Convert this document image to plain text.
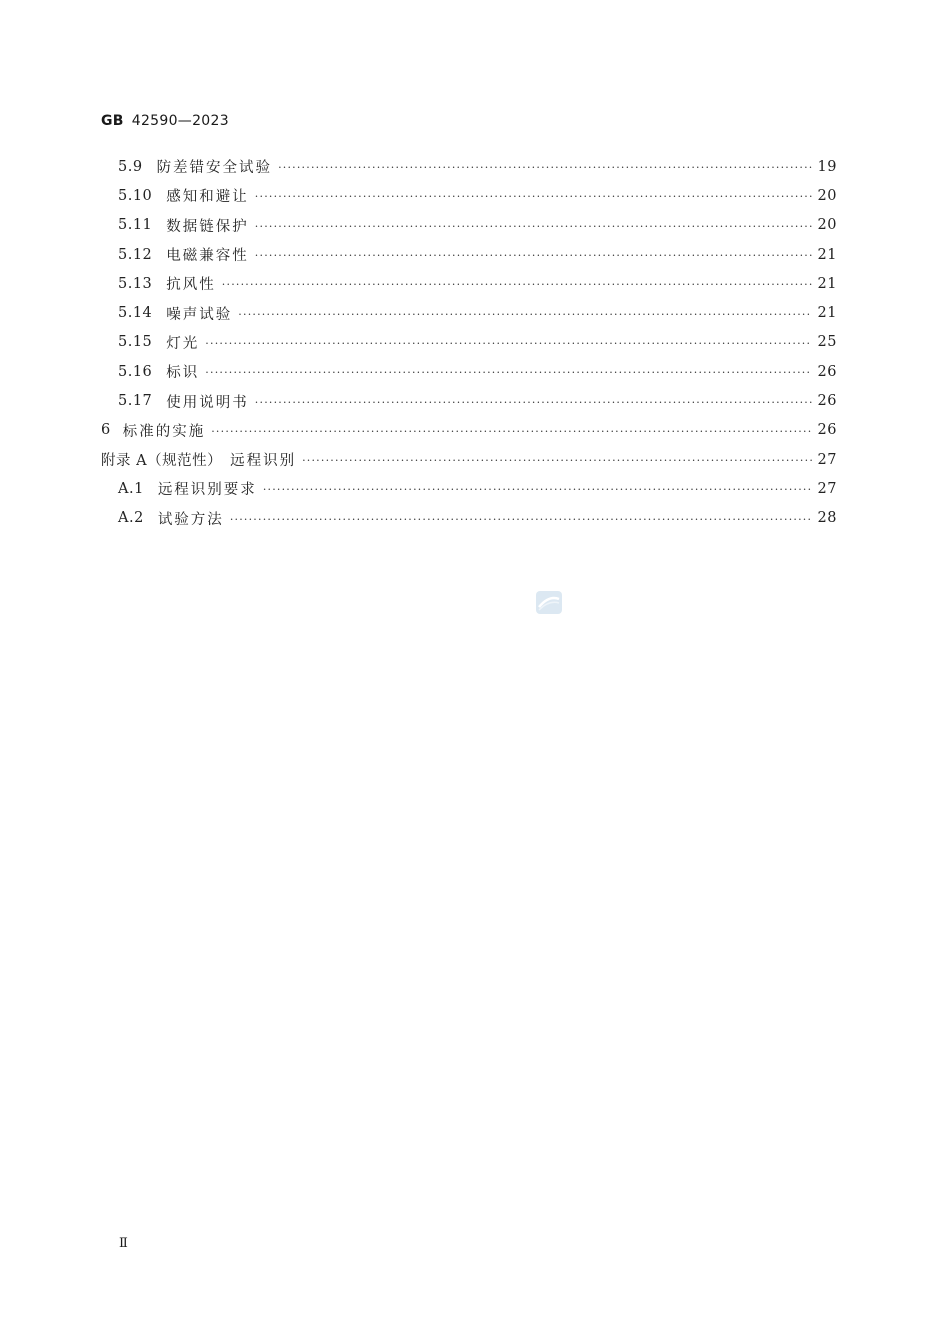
GB 42590—2023
5.9 防差错安全试验 ·····	19
5.10 感知和避让 ·····	20
5.11 数据链保护 ·····	20
5.12 电磁兼容性 ·····	21
5.13 抗风性 ·····	21
5.14 噪声试验 ·····	21
5.15 灯光 ·····	25
5.16 标识 ·····	26
5.17 使用说明书 ·····	26
6 标准的实施 ·····	26
附录 A（规范性） 远程识别 ·····	27
A.1 远程识别要求 ·····	27
A.2 试验方法 ·····	28
Ⅱ
